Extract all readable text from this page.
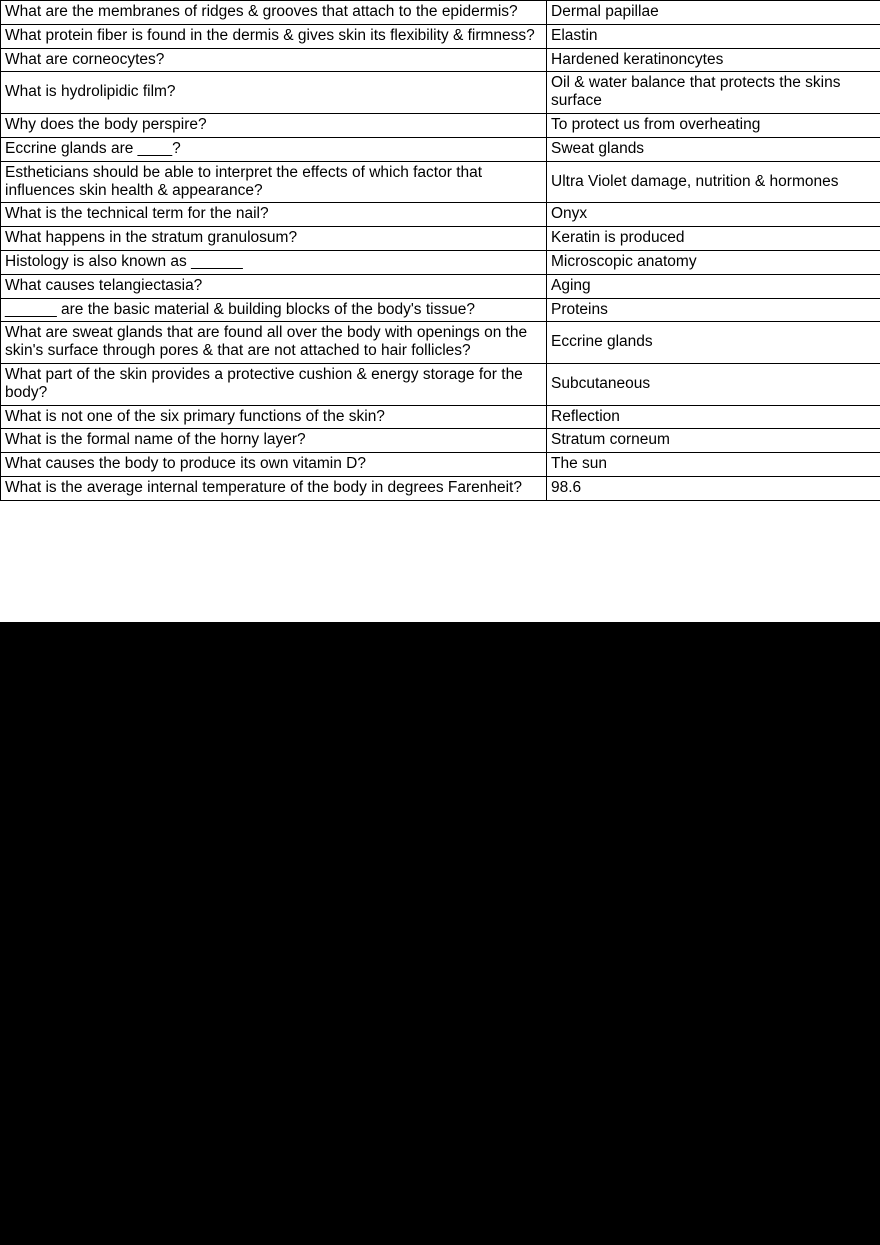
What are the membranes of ridges & grooves that attach to the epidermis?	Dermal papillae
What protein fiber is found in the dermis & gives skin its flexibility & firmness?	Elastin
What are corneocytes?	Hardened keratinoncytes
What is hydrolipidic film?	Oil & water balance that protects the skins surface
Why does the body perspire?	To protect us from overheating
Eccrine glands are ____?	Sweat glands
Estheticians should be able to interpret the effects of which factor that influences skin health & appearance?	Ultra Violet damage, nutrition & hormones
What is the technical term for the nail?	Onyx
What happens in the stratum granulosum?	Keratin is produced
Histology is also known as ______	Microscopic anatomy
What causes telangiectasia?	Aging
______ are the basic material & building blocks of the body's tissue?	Proteins
What are sweat glands that are found all over the body with openings on the skin's surface through pores & that are not attached to hair follicles?	Eccrine glands
What part of the skin provides a protective cushion & energy storage for the body?	Subcutaneous
What is not one of the six primary functions of the skin?	Reflection
What is the formal name of the horny layer?	Stratum corneum
What causes the body to produce its own vitamin D?	The sun
What is the average internal temperature of the body in degrees Farenheit?	98.6
